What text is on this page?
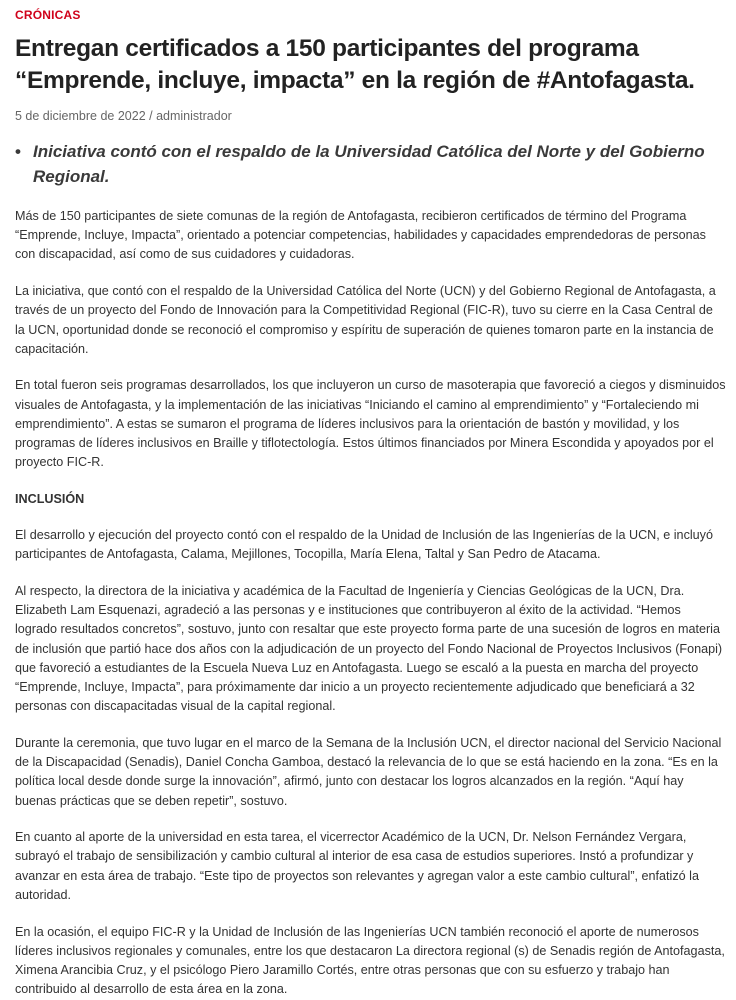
CRÓNICAS
Entregan certificados a 150 participantes del programa “Emprende, incluye, impacta” en la región de #Antofagasta.
5 de diciembre de 2022 / administrador
• Iniciativa contó con el respaldo de la Universidad Católica del Norte y del Gobierno Regional.

Más de 150 participantes de siete comunas de la región de Antofagasta, recibieron certificados de término del Programa “Emprende, Incluye, Impacta”, orientado a potenciar competencias, habilidades y capacidades emprendedoras de personas con discapacidad, así como de sus cuidadores y cuidadoras.

La iniciativa, que contó con el respaldo de la Universidad Católica del Norte (UCN) y del Gobierno Regional de Antofagasta, a través de un proyecto del Fondo de Innovación para la Competitividad Regional (FIC-R), tuvo su cierre en la Casa Central de la UCN, oportunidad donde se reconoció el compromiso y espíritu de superación de quienes tomaron parte en la instancia de capacitación.

En total fueron seis programas desarrollados, los que incluyeron un curso de masoterapia que favoreció a ciegos y disminuidos visuales de Antofagasta, y la implementación de las iniciativas “Iniciando el camino al emprendimiento” y “Fortaleciendo mi emprendimiento”. A estas se sumaron el programa de líderes inclusivos para la orientación de bastón y movilidad, y los programas de líderes inclusivos en Braille y tiflotectología. Estos últimos financiados por Minera Escondida y apoyados por el proyecto FIC-R.

INCLUSIÓN

El desarrollo y ejecución del proyecto contó con el respaldo de la Unidad de Inclusión de las Ingenierías de la UCN, e incluyó participantes de Antofagasta, Calama, Mejillones, Tocopilla, María Elena, Taltal y San Pedro de Atacama.

Al respecto, la directora de la iniciativa y académica de la Facultad de Ingeniería y Ciencias Geológicas de la UCN, Dra. Elizabeth Lam Esquenazi, agradeció a las personas y e instituciones que contribuyeron al éxito de la actividad. “Hemos logrado resultados concretos”, sostuvo, junto con resaltar que este proyecto forma parte de una sucesión de logros en materia de inclusión que partió hace dos años con la adjudicación de un proyecto del Fondo Nacional de Proyectos Inclusivos (Fonapi) que favoreció a estudiantes de la Escuela Nueva Luz en Antofagasta. Luego se escaló a la puesta en marcha del proyecto “Emprende, Incluye, Impacta”, para próximamente dar inicio a un proyecto recientemente adjudicado que beneficiará a 32 personas con discapacitadas visual de la capital regional.

Durante la ceremonia, que tuvo lugar en el marco de la Semana de la Inclusión UCN, el director nacional del Servicio Nacional de la Discapacidad (Senadis), Daniel Concha Gamboa, destacó la relevancia de lo que se está haciendo en la zona. “Es en la política local desde donde surge la innovación”, afirmó, junto con destacar los logros alcanzados en la región. “Aquí hay buenas prácticas que se deben repetir”, sostuvo.

En cuanto al aporte de la universidad en esta tarea, el vicerrector Académico de la UCN, Dr. Nelson Fernández Vergara, subrayó el trabajo de sensibilización y cambio cultural al interior de esa casa de estudios superiores. Instó a profundizar y avanzar en esta área de trabajo. “Este tipo de proyectos son relevantes y agregan valor a este cambio cultural”, enfatizó la autoridad.

En la ocasión, el equipo FIC-R y la Unidad de Inclusión de las Ingenierías UCN también reconoció el aporte de numerosos líderes inclusivos regionales y comunales, entre los que destacaron La directora regional (s) de Senadis región de Antofagasta, Ximena Arancibia Cruz, y el psicólogo Piero Jaramillo Cortés, entre otras personas que con su esfuerzo y trabajo han contribuido al desarrollo de esta área en la zona.
